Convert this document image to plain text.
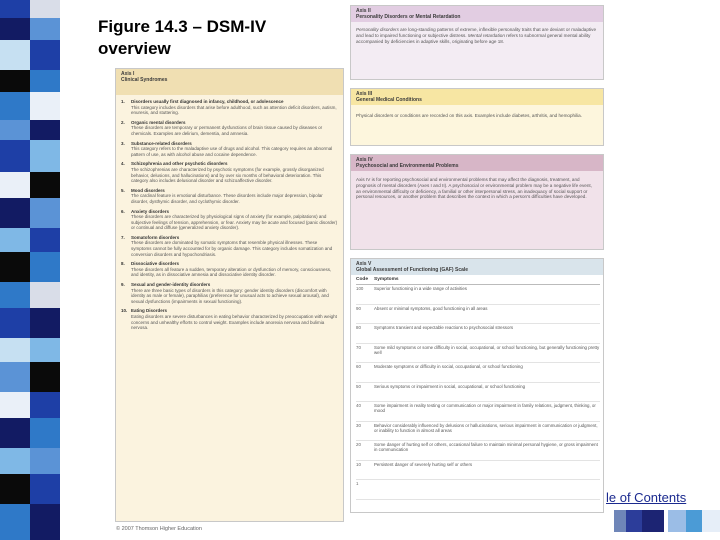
Figure 14.3 – DSM-IV overview
Axis II
Personality Disorders or Mental Retardation
Personality disorders are long-standing patterns of extreme, inflexible personality traits that are deviant or maladaptive and lead to impaired functioning or subjective distress. Mental retardation refers to subnormal general mental ability accompanied by deficiencies in adaptive skills, originating before age 18.
Axis III
General Medical Conditions
Physical disorders or conditions are recorded on this axis. Examples include diabetes, arthritis, and hemophilia.
Axis IV
Psychosocial and Environmental Problems
Axis IV is for reporting psychosocial and environmental problems that may affect the diagnosis, treatment, and prognosis of mental disorders (Axes I and II). A psychosocial or environmental problem may be a negative life event, an environmental difficulty or deficiency, a familial or other interpersonal stress, an inadequacy of social support or personal resources, or another problem that describes the context in which a person's difficulties have developed.
Axis V
Global Assessment of Functioning (GAF) Scale
Code	Symptoms
100	Superior functioning in a wide range of activities
90	Absent or minimal symptoms, good functioning in all areas
80	Symptoms transient and expectable reactions to psychosocial stressors
70	Some mild symptoms or some difficulty in social, occupational, or school functioning, but generally functioning pretty well
60	Moderate symptoms or difficulty in social, occupational, or school functioning
50	Serious symptoms or impairment in social, occupational, or school functioning
40	Some impairment in reality testing or communication or major impairment in family relations, judgment, thinking, or mood
30	Behavior considerably influenced by delusions or hallucinations, serious impairment in communication or judgment, or inability to function in almost all areas
20	Some danger of hurting self or others, occasional failure to maintain minimal personal hygiene, or gross impairment in communication
10	Persistent danger of severely hurting self or others
1	
Axis I
Clinical Syndromes
1. Disorders usually first diagnosed in infancy, childhood, or adolescence
This category includes disorders that arise before adulthood, such as attention deficit disorders, autism, enuresis, and stuttering.
2. Organic mental disorders
These disorders are temporary or permanent dysfunctions of brain tissue caused by diseases or chemicals. Examples are delirium, dementia, and amnesia.
3. Substance-related disorders
This category refers to the maladaptive use of drugs and alcohol. This category requires an abnormal pattern of use, as with alcohol abuse and cocaine dependence.
4. Schizophrenia and other psychotic disorders
The schizophrenias are characterized by psychotic symptoms (for example, grossly disorganized behavior, delusions, and hallucinations) and by over six months of behavioral deterioration. This category also includes delusional disorder and schizoaffective disorder.
5. Mood disorders
The cardinal feature is emotional disturbance. These disorders include major depression, bipolar disorder, dysthymic disorder, and cyclothymic disorder.
6. Anxiety disorders
These disorders are characterized by physiological signs of anxiety (for example, palpitations) and subjective feelings of tension, apprehension, or fear. Anxiety may be acute and focused (panic disorder) or continual and diffuse (generalized anxiety disorder).
7. Somatoform disorders
These disorders are dominated by somatic symptoms that resemble physical illnesses. These symptoms cannot be fully accounted for by organic damage. This category includes somatization and conversion disorders and hypochondriasis.
8. Dissociative disorders
These disorders all feature a sudden, temporary alteration or dysfunction of memory, consciousness, and identity, as in dissociative amnesia and dissociative identity disorder.
9. Sexual and gender-identity disorders
There are three basic types of disorders in this category: gender identity disorders (discomfort with identity as male or female), paraphilias (preference for unusual acts to achieve sexual arousal), and sexual dysfunctions (impairments in sexual functioning).
10. Eating Disorders
Eating disorders are severe disturbances in eating behavior characterized by preoccupation with weight concerns and unhealthy efforts to control weight. Examples include anorexia nervosa and bulimia nervosa.
© 2007 Thomson Higher Education
le of Contents
